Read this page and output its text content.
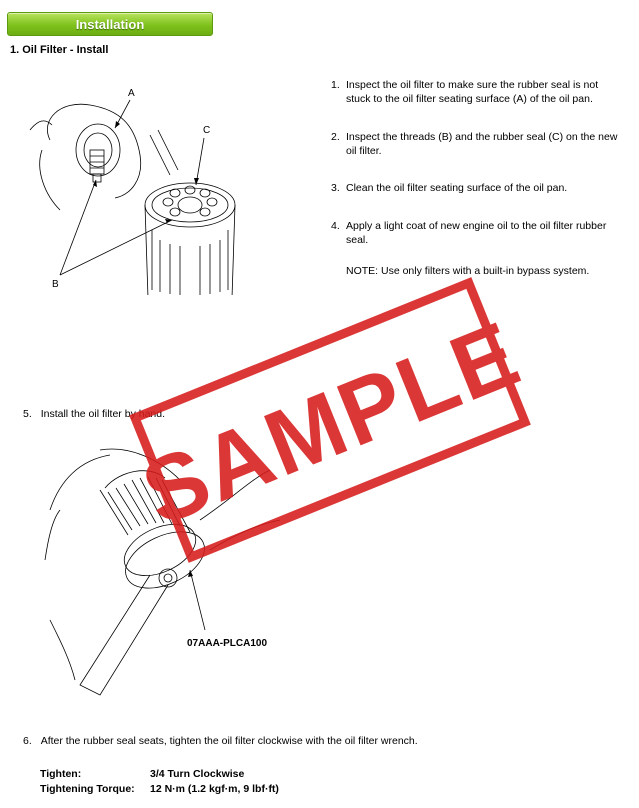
Installation
1. Oil Filter - Install
A
C
B
1. Inspect the oil filter to make sure the rubber seal is not stuck to the oil filter seating surface (A) of the oil pan.
2. Inspect the threads (B) and the rubber seal (C) on the new oil filter.
3. Clean the oil filter seating surface of the oil pan.
4. Apply a light coat of new engine oil to the oil filter rubber seal.
NOTE: Use only filters with a built-in bypass system.
5. Install the oil filter by hand.
07AAA-PLCA100
6. After the rubber seal seats, tighten the oil filter clockwise with the oil filter wrench.
Tighten:	3/4 Turn Clockwise
Tightening Torque: 12 N·m (1.2 kgf·m, 9 lbf·ft)
SAMPLE
